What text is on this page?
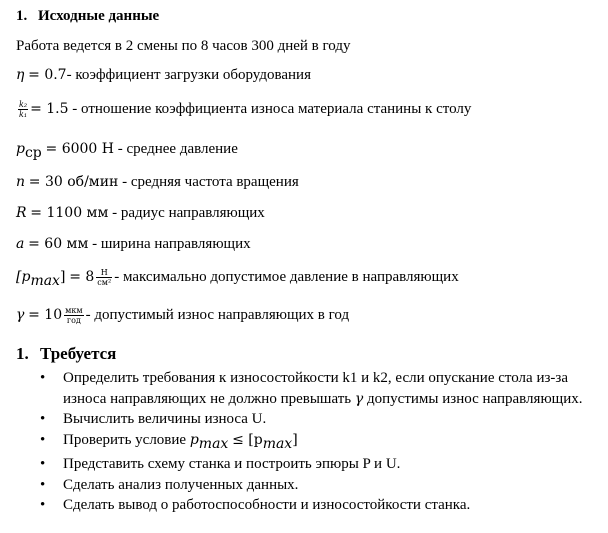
1. Исходные данные
Работа ведется в 2 смены по 8 часов 300 дней в году
η = 0.7- коэффициент загрузки оборудования
$\frac{\text{k₂}}{\text{k₁}} = 1.5$ - отношение коэффициента износа материала станины к столу
$p_{ср} = 6000$ Н - среднее давление
n = 30 об/мин - средняя частота вращения
R = 1100 мм - радиус направляющих
a = 60 мм - ширина направляющих
$[p_{max}] = 8 \frac{Н}{\text{см²}}$ - максимально допустимое давление в направляющих
$\gamma = 10 \frac{\text{мкм}}{\text{год}}$ - допустимый износ направляющих в год
1. Требуется
• Определить требования к износостойкости k1 и k2, если опускание стола из-за износа направляющих не должно превышать γ допустимы износ направляющих.
• Вычислить величины износа U.
• Проверить условие $p_{max} \le [p_{max}]$
• Представить схему станка и построить эпюры P и U.
• Сделать анализ полученных данных.
• Сделать вывод о работоспособности и износостойкости станка.
